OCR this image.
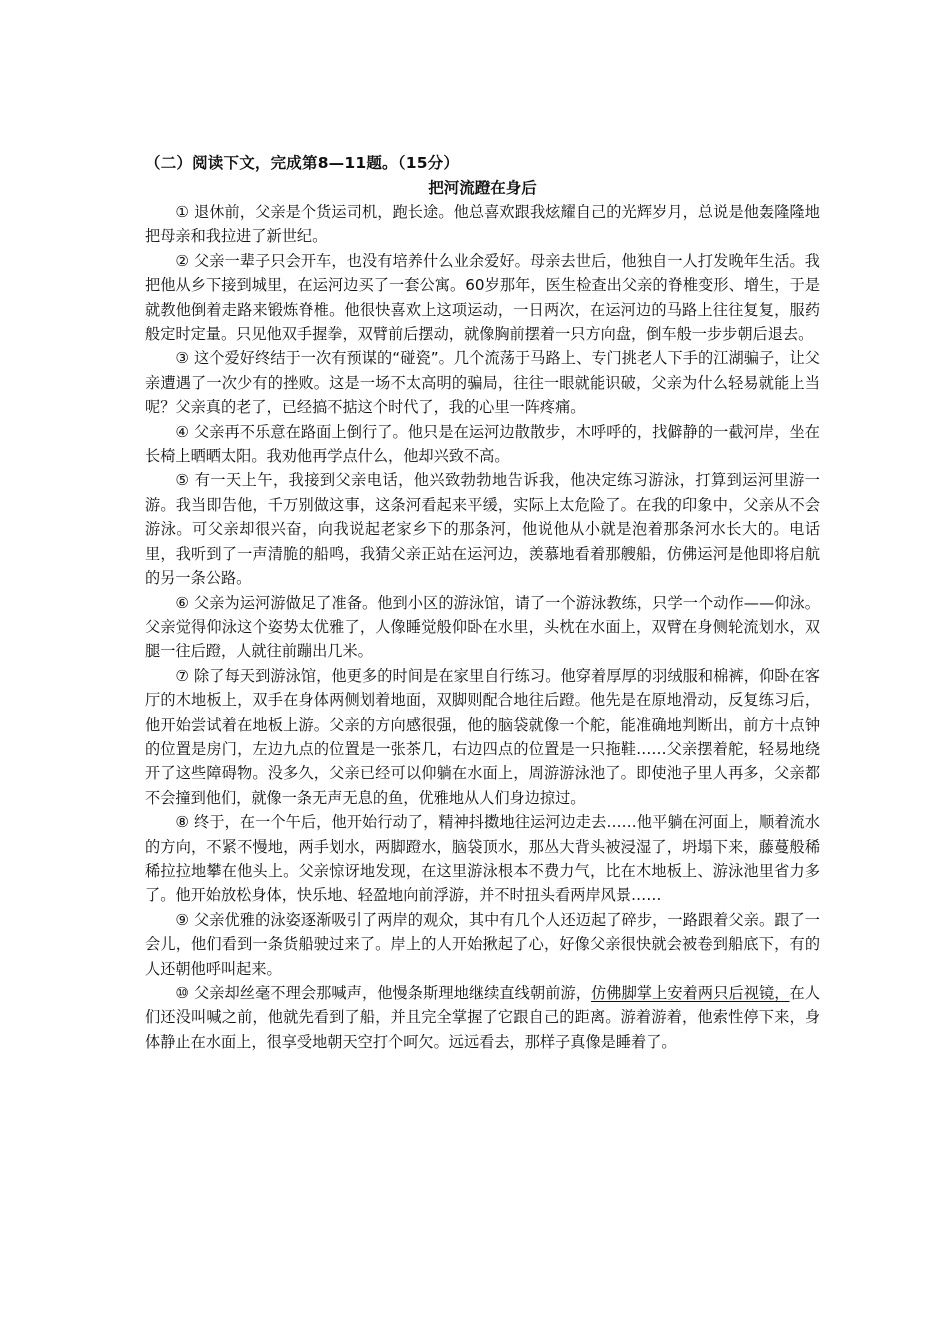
（二）阅读下文，完成第8—11题。（15分）

把河流蹬在身后

① 退休前，父亲是个货运司机，跑长途。他总喜欢跟我炫耀自己的光辉岁月，总说是他轰隆隆地把母亲和我拉进了新世纪。

② 父亲一辈子只会开车，也没有培养什么业余爱好。母亲去世后，他独自一人打发晚年生活。我把他从乡下接到城里，在运河边买了一套公寓。60岁那年，医生检查出父亲的脊椎变形、增生，于是就教他倒着走路来锻炼脊椎。他很快喜欢上这项运动，一日两次，在运河边的马路上往往复复，服药般定时定量。只见他双手握拳，双臂前后摆动，就像胸前摆着一只方向盘，倒车般一步步朝后退去。

③ 这个爱好终结于一次有预谋的“碰瓷”。几个流荡于马路上、专门挑老人下手的江湖骗子，让父亲遭遇了一次少有的挫败。这是一场不太高明的骗局，往往一眼就能识破，父亲为什么轻易就能上当呢？父亲真的老了，已经搞不掂这个时代了，我的心里一阵疼痛。

④ 父亲再不乐意在路面上倒行了。他只是在运河边散散步，木呼呼的，找僻静的一截河岸，坐在长椅上晒晒太阳。我劝他再学点什么，他却兴致不高。

⑤ 有一天上午，我接到父亲电话，他兴致勃勃地告诉我，他决定练习游泳，打算到运河里游一游。我当即告他，千万别做这事，这条河看起来平缓，实际上太危险了。在我的印象中，父亲从不会游泳。可父亲却很兴奋，向我说起老家乡下的那条河，他说他从小就是泡着那条河水长大的。电话里，我听到了一声清脆的船鸣，我猜父亲正站在运河边，羡慕地看着那艘船，仿佛运河是他即将启航的另一条公路。

⑥ 父亲为运河游做足了准备。他到小区的游泳馆，请了一个游泳教练，只学一个动作——仰泳。父亲觉得仰泳这个姿势太优雅了，人像睡觉般仰卧在水里，头枕在水面上，双臂在身侧轮流划水，双腿一往后蹬，人就往前蹦出几米。

⑦ 除了每天到游泳馆，他更多的时间是在家里自行练习。他穿着厚厚的羽绒服和棉裤，仰卧在客厅的木地板上，双手在身体两侧划着地面，双脚则配合地往后蹬。他先是在原地滑动，反复练习后，他开始尝试着在地板上游。父亲的方向感很强，他的脑袋就像一个舵，能准确地判断出，前方十点钟的位置是房门，左边九点的位置是一张茶几，右边四点的位置是一只拖鞋……父亲摆着舵，轻易地绕开了这些障碍物。没多久，父亲已经可以仰躺在水面上，周游游泳池了。即使池子里人再多，父亲都不会撞到他们，就像一条无声无息的鱼，优雅地从人们身边掠过。

⑧ 终于，在一个午后，他开始行动了，精神抖擞地往运河边走去……他平躺在河面上，顺着流水的方向，不紧不慢地，两手划水，两脚蹬水，脑袋顶水，那丛大背头被浸湿了，坍塌下来，藤蔓般稀稀拉拉地攀在他头上。父亲惊讶地发现，在这里游泳根本不费力气，比在木地板上、游泳池里省力多了。他开始放松身体，快乐地、轻盈地向前浮游，并不时扭头看两岸风景……

⑨ 父亲优雅的泳姿逐渐吸引了两岸的观众，其中有几个人还迈起了碎步，一路跟着父亲。跟了一会儿，他们看到一条货船驶过来了。岸上的人开始揪起了心，好像父亲很快就会被卷到船底下，有的人还朝他呼叫起来。

⑩ 父亲却丝毫不理会那喊声，他慢条斯理地继续直线朝前游，仿佛脚掌上安着两只后视镜，在人们还没叫喊之前，他就先看到了船，并且完全掌握了它跟自己的距离。游着游着，他索性停下来，身体静止在水面上，很享受地朝天空打个呵欠。远远看去，那样子真像是睡着了。
